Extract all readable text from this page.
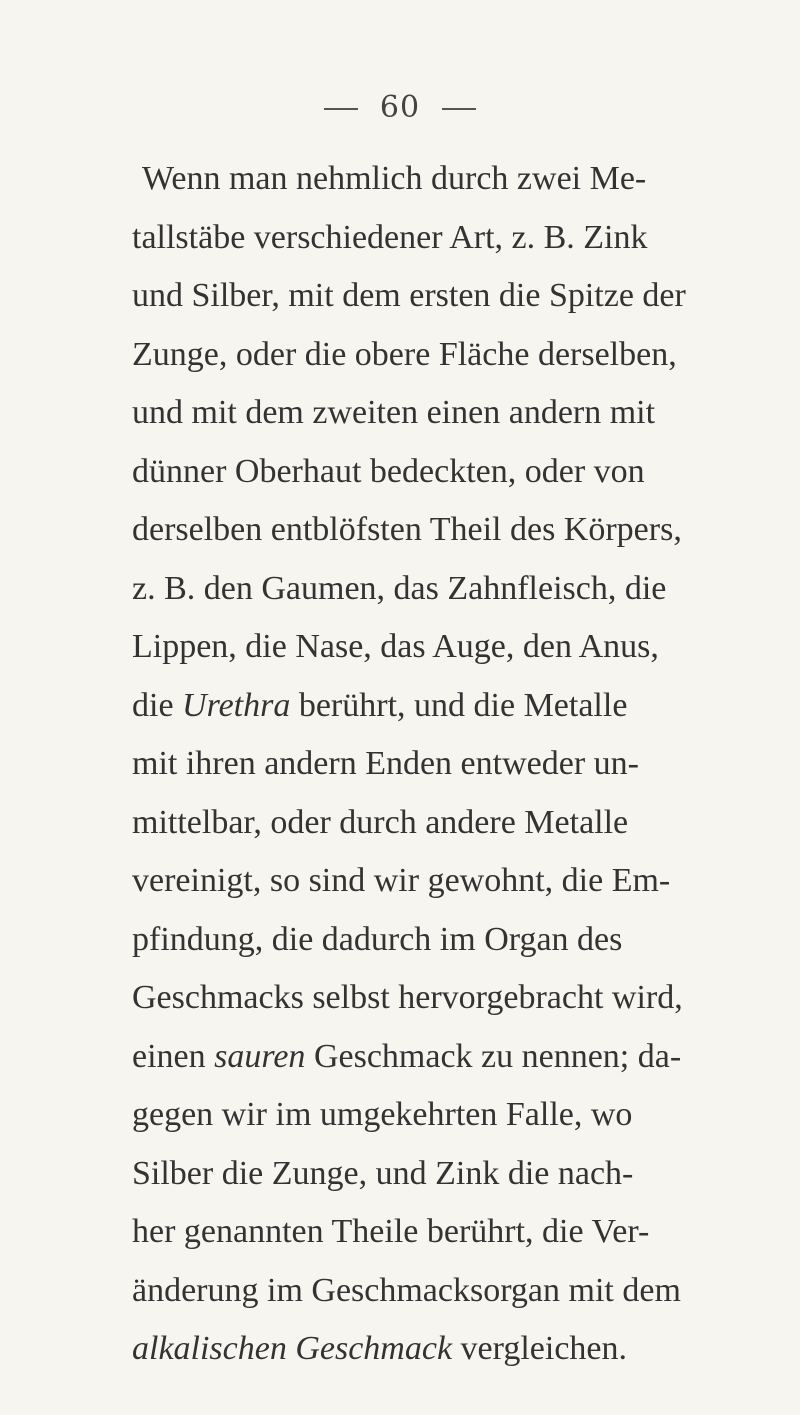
60
Wenn man nehmlich durch zwei Me-
tallstäbe verschiedener Art, z. B. Zink
und Silber, mit dem ersten die Spitze der
Zunge, oder die obere Fläche derselben,
und mit dem zweiten einen andern mit
dünner Oberhaut bedeckten, oder von
derselben entblöfsten Theil des Körpers,
z. B. den Gaumen, das Zahnfleisch, die
Lippen, die Nase, das Auge, den Anus,
die Urethra berührt, und die Metalle
mit ihren andern Enden entweder un-
mittelbar, oder durch andere Metalle
vereinigt, so sind wir gewohnt, die Em-
pfindung, die dadurch im Organ des
Geschmacks selbst hervorgebracht wird,
einen sauren Geschmack zu nennen; da-
gegen wir im umgekehrten Falle, wo
Silber die Zunge, und Zink die nach-
her genannten Theile berührt, die Ver-
änderung im Geschmacksorgan mit dem
alkalischen Geschmack vergleichen.
